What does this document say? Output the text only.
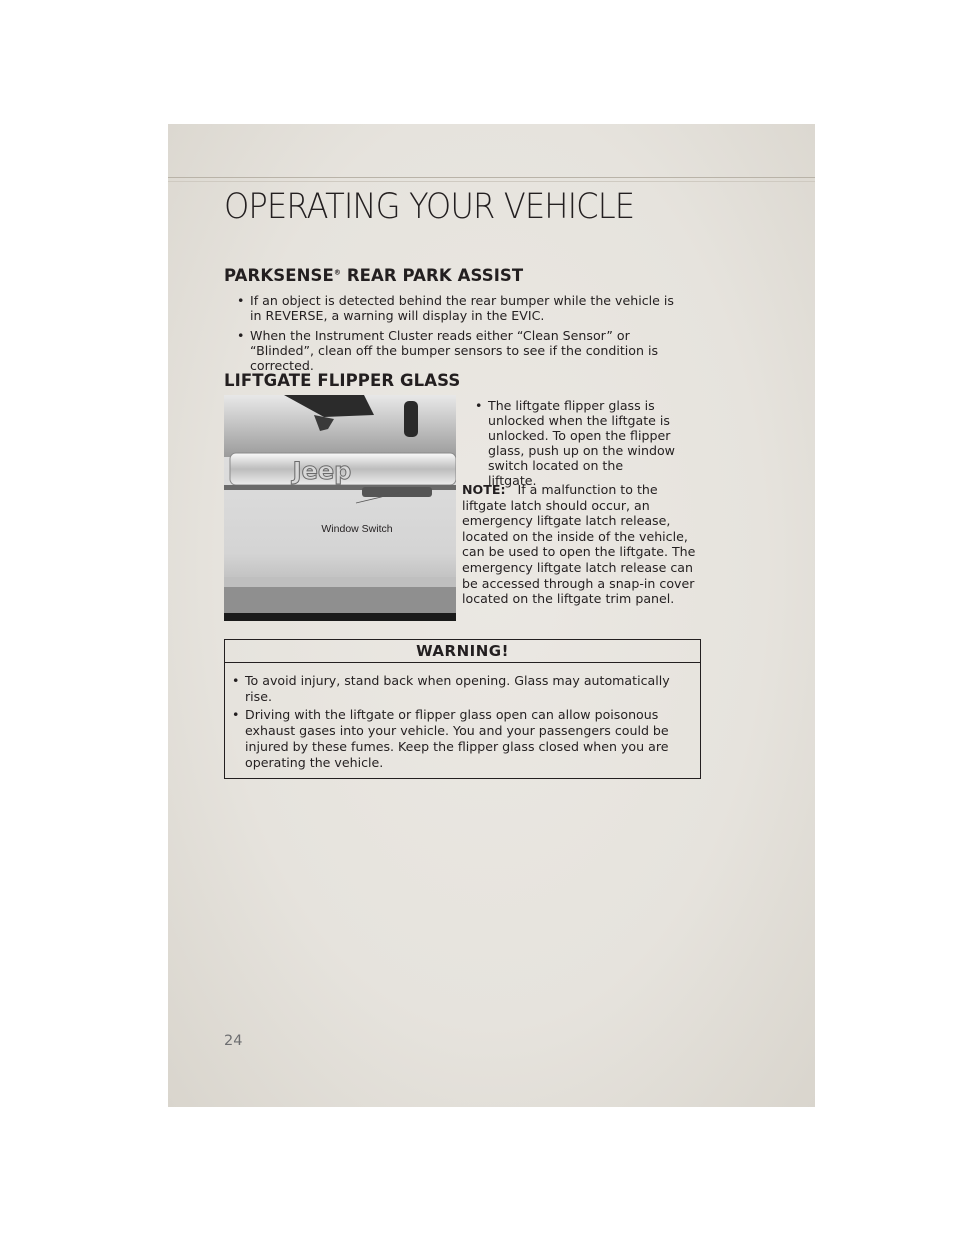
OPERATING YOUR VEHICLE
PARKSENSE® REAR PARK ASSIST
• If an object is detected behind the rear bumper while the vehicle is in REVERSE, a warning will display in the EVIC.
• When the Instrument Cluster reads either “Clean Sensor” or “Blinded”, clean off the bumper sensors to see if the condition is corrected.
LIFTGATE FLIPPER GLASS
Jeep
Window Switch
• The liftgate flipper glass is unlocked when the liftgate is unlocked. To open the flipper glass, push up on the window switch located on the liftgate.
NOTE: If a malfunction to the liftgate latch should occur, an emergency liftgate latch release, located on the inside of the vehicle, can be used to open the liftgate. The emergency liftgate latch release can be accessed through a snap-in cover located on the liftgate trim panel.
WARNING!
• To avoid injury, stand back when opening. Glass may automatically rise.
• Driving with the liftgate or flipper glass open can allow poisonous exhaust gases into your vehicle. You and your passengers could be injured by these fumes. Keep the flipper glass closed when you are operating the vehicle.
24
